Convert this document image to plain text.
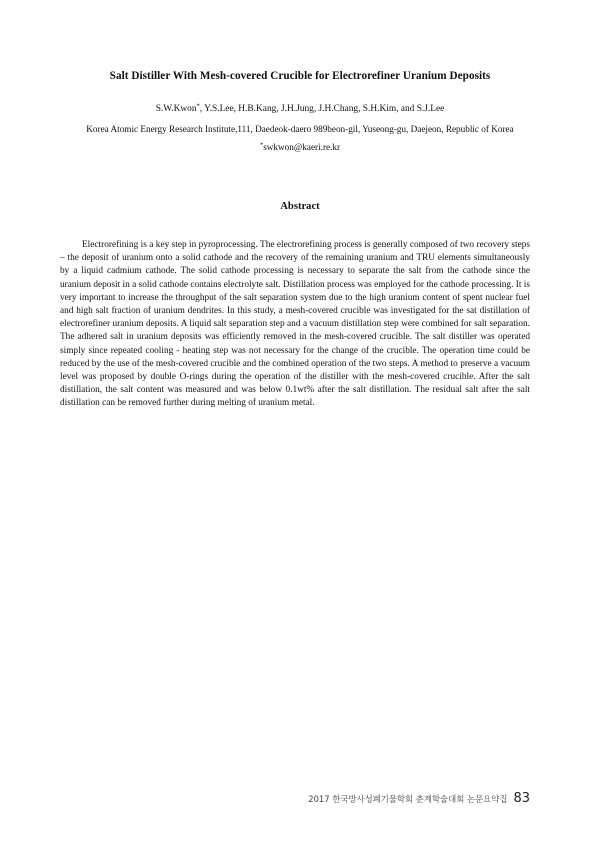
Salt Distiller With Mesh-covered Crucible for Electrorefiner Uranium Deposits
S.W.Kwon*, Y.S.Lee, H.B.Kang, J.H.Jung, J.H.Chang, S.H.Kim, and S.J.Lee
Korea Atomic Energy Research Institute,111, Daedeok-daero 989beon-gil, Yuseong-gu, Daejeon, Republic of Korea
*swkwon@kaeri.re.kr
Abstract

Electrorefining is a key step in pyroprocessing. The electrorefining process is generally composed of two recovery steps – the deposit of uranium onto a solid cathode and the recovery of the remaining uranium and TRU elements simultaneously by a liquid cadmium cathode. The solid cathode processing is necessary to separate the salt from the cathode since the uranium deposit in a solid cathode contains electrolyte salt. Distillation process was employed for the cathode processing. It is very important to increase the throughput of the salt separation system due to the high uranium content of spent nuclear fuel and high salt fraction of uranium dendrites. In this study, a mesh-covered crucible was investigated for the sat distillation of electrorefiner uranium deposits. A liquid salt separation step and a vacuum distillation step were combined for salt separation. The adhered salt in uranium deposits was efficiently removed in the mesh-covered crucible. The salt distiller was operated simply since repeated cooling - heating step was not necessary for the change of the crucible. The operation time could be reduced by the use of the mesh-covered crucible and the combined operation of the two steps. A method to preserve a vacuum level was proposed by double O-rings during the operation of the distiller with the mesh-covered crucible. After the salt distillation, the salt content was measured and was below 0.1wt% after the salt distillation. The residual salt after the salt distillation can be removed further during melting of uranium metal.

2017 한국방사성폐기물학회 춘계학술대회 논문요약집 83
